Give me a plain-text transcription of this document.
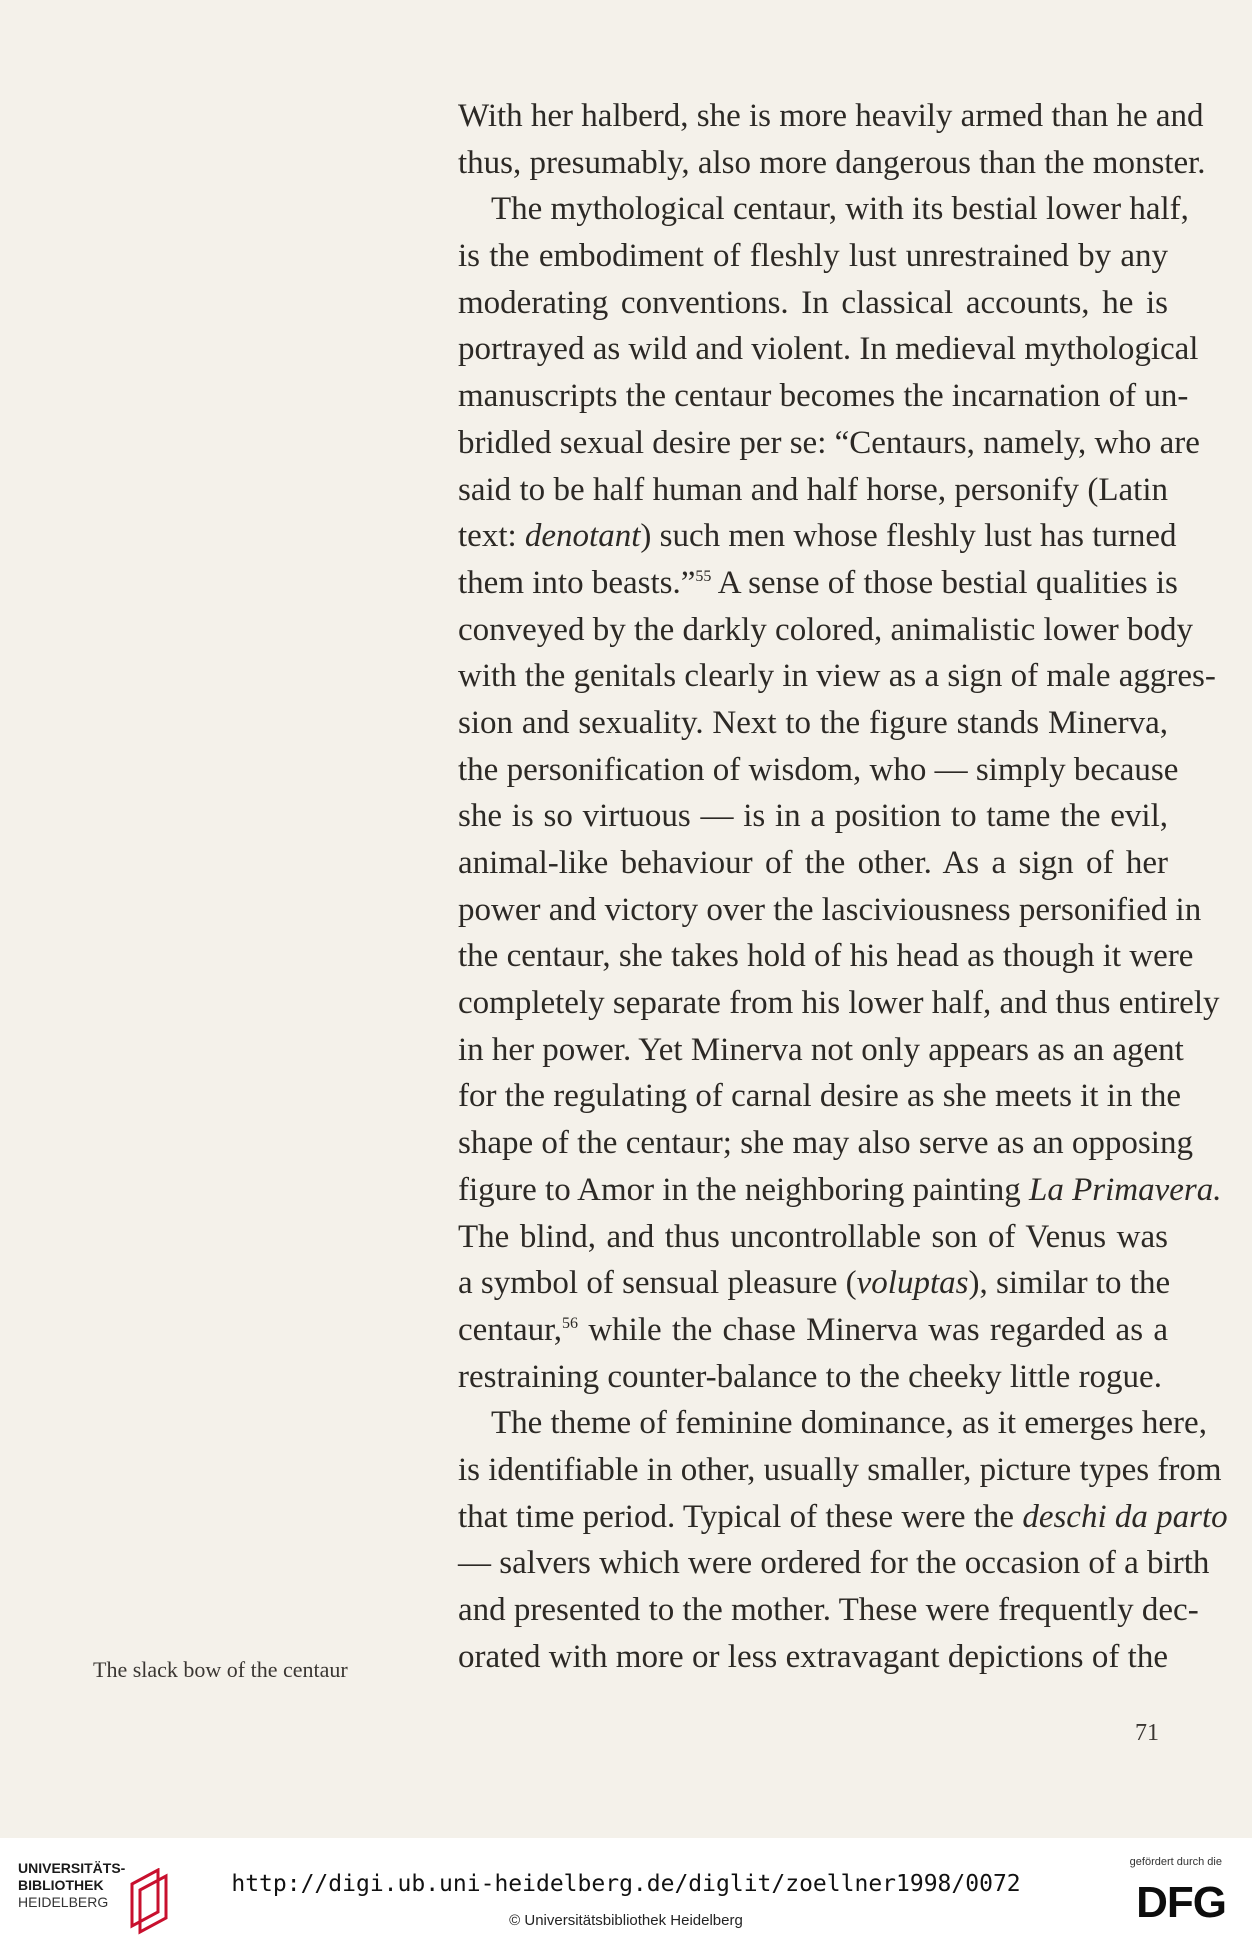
With her halberd, she is more heavily armed than he and
thus, presumably, also more dangerous than the monster.
The mythological centaur, with its bestial lower half,
is the embodiment of fleshly lust unrestrained by any
moderating conventions. In classical accounts, he is
portrayed as wild and violent. In medieval mythological
manuscripts the centaur becomes the incarnation of un-
bridled sexual desire per se: “Centaurs, namely, who are
said to be half human and half horse, personify (Latin
text: denotant) such men whose fleshly lust has turned
them into beasts.”$^{55}$ A sense of those bestial qualities is
conveyed by the darkly colored, animalistic lower body
with the genitals clearly in view as a sign of male aggres-
sion and sexuality. Next to the figure stands Minerva,
the personification of wisdom, who — simply because
she is so virtuous — is in a position to tame the evil,
animal-like behaviour of the other. As a sign of her
power and victory over the lasciviousness personified in
the centaur, she takes hold of his head as though it were
completely separate from his lower half, and thus entirely
in her power. Yet Minerva not only appears as an agent
for the regulating of carnal desire as she meets it in the
shape of the centaur; she may also serve as an opposing
figure to Amor in the neighboring painting La Primavera.
The blind, and thus uncontrollable son of Venus was
a symbol of sensual pleasure (voluptas), similar to the
centaur,$^{56}$ while the chase Minerva was regarded as a
restraining counter-balance to the cheeky little rogue.
The theme of feminine dominance, as it emerges here,
is identifiable in other, usually smaller, picture types from
that time period. Typical of these were the deschi da parto
— salvers which were ordered for the occasion of a birth
and presented to the mother. These were frequently dec-
orated with more or less extravagant depictions of the
The slack bow of the centaur
71
UNIVERSITÄTS-
BIBLIOTHEK
HEIDELBERG
http://digi.ub.uni-heidelberg.de/diglit/zoellner1998/0072
© Universitätsbibliothek Heidelberg
gefördert durch die
DFG
